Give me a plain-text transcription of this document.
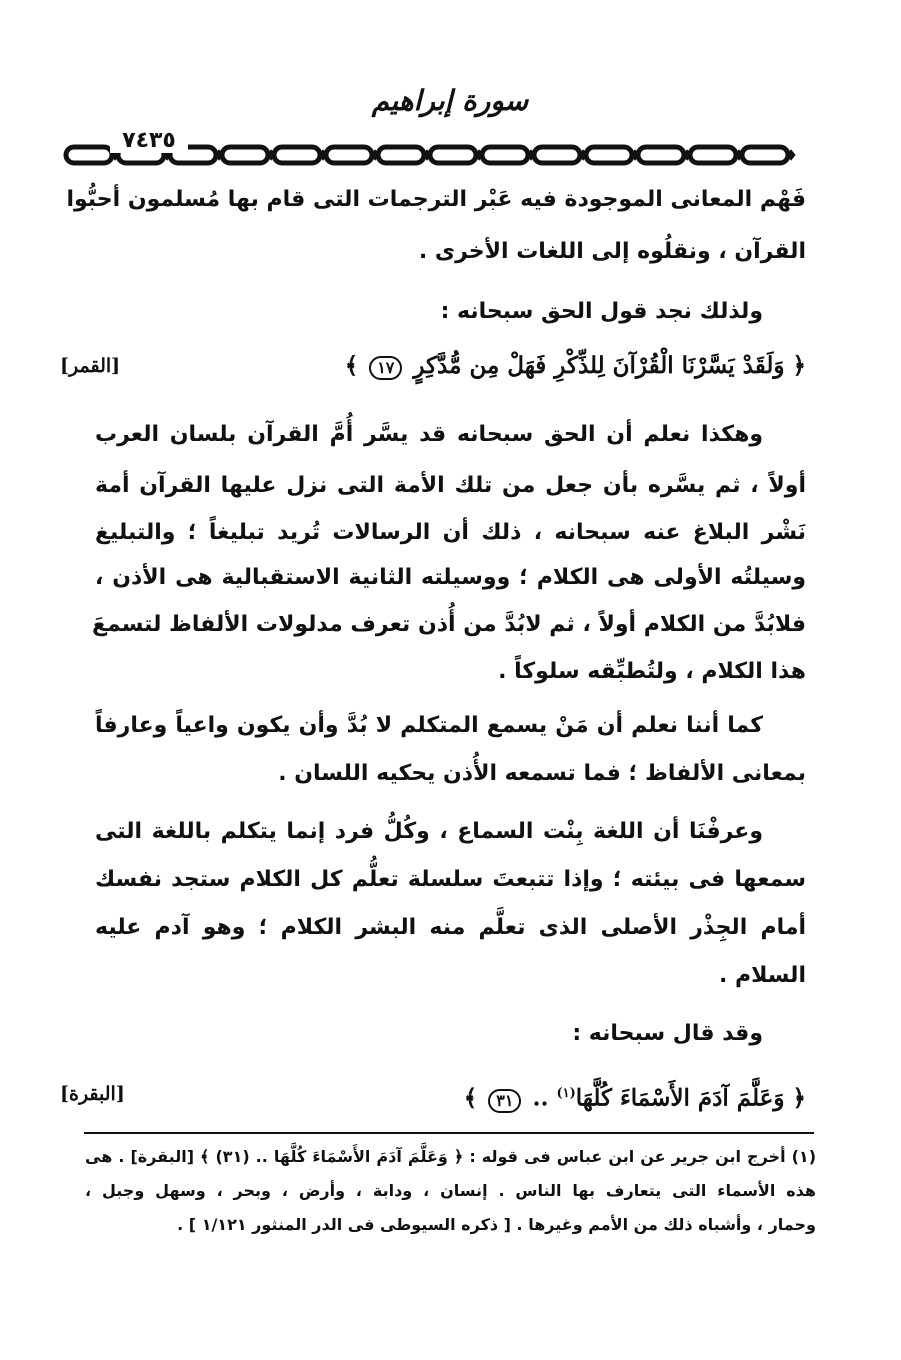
سورة إبراهيم
٧٤٣٥
فَهْم المعانى الموجودة فيه عَبْر الترجمات التى قام بها مُسلمون أحبُّوا
القرآن ، ونقلُوه إلى اللغات الأخرى .
ولذلك نجد قول الحق سبحانه :
﴿ وَلَقَدْ يَسَّرْنَا الْقُرْآنَ لِلذِّكْرِ فَهَلْ مِن مُّدَّكِرٍ ١٧ ﴾
[القمر]
وهكذا نعلم أن الحق سبحانه قد يسَّر أُمَّ القرآن بلسان العرب
أولاً ، ثم يسَّره بأن جعل من تلك الأمة التى نزل عليها القرآن أمة
نَشْر البلاغ عنه سبحانه ، ذلك أن الرسالات تُريد تبليغاً ؛ والتبليغ
وسيلتُه الأولى هى الكلام ؛ ووسيلته الثانية الاستقبالية هى الأذن ،
فلابُدَّ من الكلام أولاً ، ثم لابُدَّ من أُذن تعرف مدلولات الألفاظ لتسمعَ
هذا الكلام ، ولتُطبِّقه سلوكاً .
كما أننا نعلم أن مَنْ يسمع المتكلم لا بُدَّ وأن يكون واعياً وعارفاً
بمعانى الألفاظ ؛ فما تسمعه الأُذن يحكيه اللسان .
وعرفْنَا أن اللغة بِنْت السماع ، وكُلُّ فرد إنما يتكلم باللغة التى
سمعها فى بيئته ؛ وإذا تتبعتَ سلسلة تعلُّم كل الكلام ستجد نفسك
أمام الجِذْر الأصلى الذى تعلَّم منه البشر الكلام ؛ وهو آدم عليه
السلام .
وقد قال سبحانه :
﴿ وَعَلَّمَ آدَمَ الأَسْمَاءَ كُلَّهَا$^{(١)}$ .. ٣١ ﴾
[البقرة]
(١) أخرج ابن جرير عن ابن عباس فى قوله : ﴿ وَعَلَّمَ آدَمَ الأَسْمَاءَ كُلَّهَا .. (٣١) ﴾ [البقرة] . هى
هذه الأسماء التى يتعارف بها الناس . إنسان ، ودابة ، وأرض ، وبحر ، وسهل وجبل ،
وحمار ، وأشباه ذلك من الأمم وغيرها . [ ذكره السيوطى فى الدر المنثور ١/١٢١ ] .
